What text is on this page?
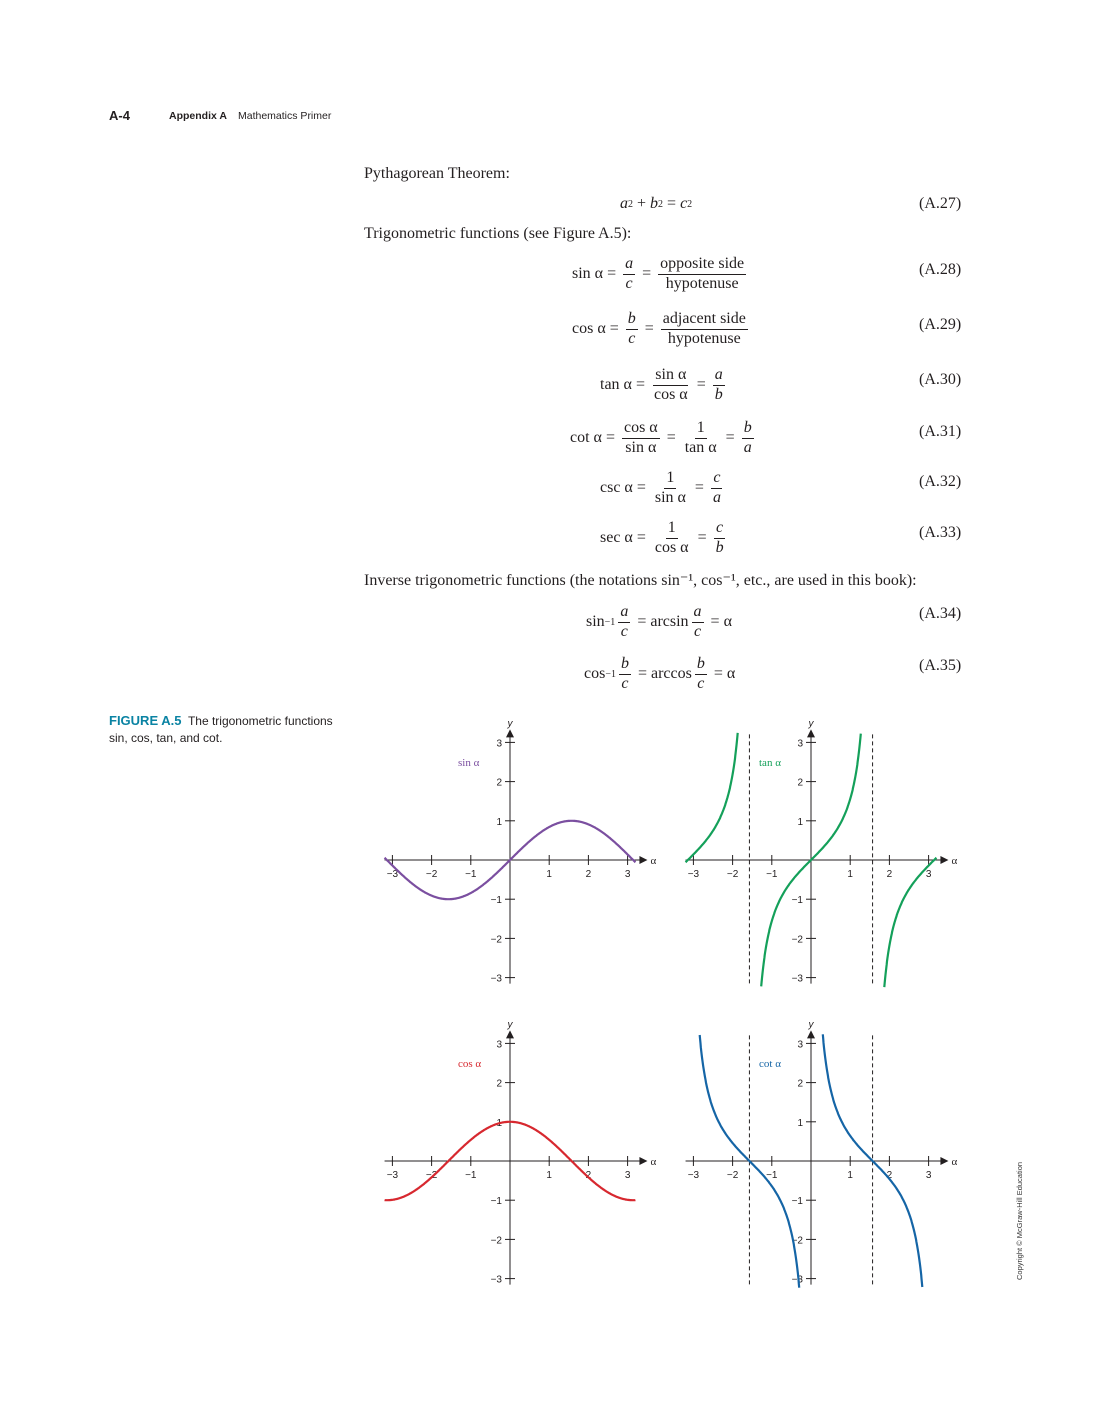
A-4	Appendix A Mathematics Primer
Pythagorean Theorem:
a 2 + b 2 = c 2	(A.27)
Trigonometric functions (see Figure A.5):
$\sin \alpha = \frac{a}{c} = \frac{\text{opposite side}}{\text{hypotenuse}}$	(A.28)
$\cos \alpha = \frac{b}{c} = \frac{\text{adjacent side}}{\text{hypotenuse}}$	(A.29)
$\tan \alpha = \frac{\text{sin α}}{\text{cos α}} = \frac{a}{b}$	(A.30)
$\cot \alpha = \frac{\text{cos α}}{\text{sin α}} = \frac{1}{\text{tan α}} = \frac{b}{a}$	(A.31)
$\csc \alpha = \frac{1}{\text{sin α}} = \frac{c}{a}$	(A.32)
$\sec \alpha = \frac{1}{\text{cos α}} = \frac{c}{b}$	(A.33)
Inverse trigonometric functions (the notations sin⁻¹, cos⁻¹, etc., are used in this book):
$\sin -1 \frac{a}{c} = \arcsin \frac{a}{c} = \alpha$	(A.34)
$\cos -1 \frac{b}{c} = \arccos \frac{b}{c} = \alpha$	(A.35)
FIGURE A.5 The trigonometric functions sin, cos, tan, and cot.
y
α
−3	−2	−1	1	2	3
−3
−2
−1
1
2
3
sin α
y
α
−3	−2	−1	1	2	3
−3
−2
−1
1
2
3
tan α
y
α
−3	−2	−1	1	2	3
−3
−2
−1
1
2
3
cos α
y
α
−3	−2	−1	1	2	3
−3
−2
−1
1
2
3
cot α
Copyright © McGraw-Hill Education
